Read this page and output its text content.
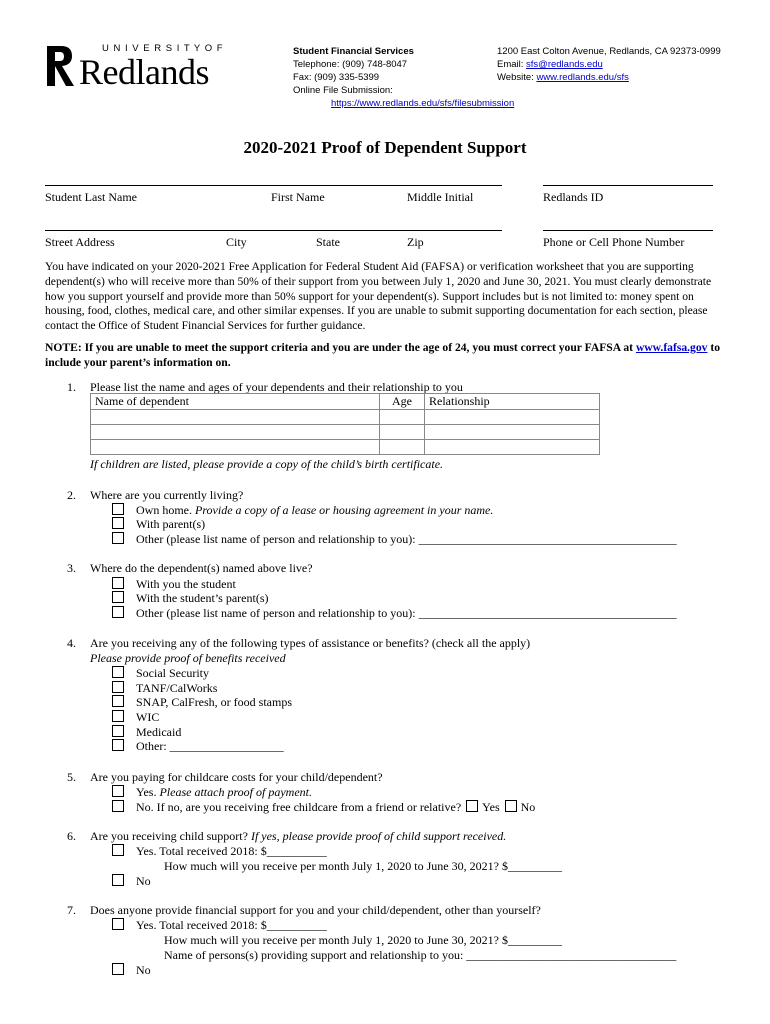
U N I V E R S I T Y O F
Redlands
Student Financial Services
Telephone: (909) 748-8047
Fax: (909) 335-5399
Online File Submission:
https://www.redlands.edu/sfs/filesubmission
1200 East Colton Avenue, Redlands, CA 92373-0999
Email: sfs@redlands.edu
Website: www.redlands.edu/sfs
2020-2021 Proof of Dependent Support
Student Last Name	First Name	Middle Initial	Redlands ID
Street Address	City	State	Zip	Phone or Cell Phone Number
You have indicated on your 2020-2021 Free Application for Federal Student Aid (FAFSA) or verification worksheet that you are supporting dependent(s) who will receive more than 50% of their support from you between July 1, 2020 and June 30, 2021. You must clearly demonstrate how you support yourself and provide more than 50% support for your dependent(s). Support includes but is not limited to: money spent on housing, food, clothes, medical care, and other similar expenses. If you are unable to submit supporting documentation for each section, please contact the Office of Student Financial Services for further guidance.
NOTE: If you are unable to meet the support criteria and you are under the age of 24, you must correct your FAFSA at www.fafsa.gov to include your parent’s information on.
1. Please list the name and ages of your dependents and their relationship to you
Name of dependent	Age	Relationship

If children are listed, please provide a copy of the child’s birth certificate.
2. Where are you currently living?
Own home. Provide a copy of a lease or housing agreement in your name.
With parent(s)
Other (please list name of person and relationship to you): ___________________________________________
3. Where do the dependent(s) named above live?
With you the student
With the student’s parent(s)
Other (please list name of person and relationship to you): ___________________________________________
4. Are you receiving any of the following types of assistance or benefits? (check all the apply)
Please provide proof of benefits received
Social Security
TANF/CalWorks
SNAP, CalFresh, or food stamps
WIC
Medicaid
Other: ___________________
5. Are you paying for childcare costs for your child/dependent?
Yes. Please attach proof of payment.
No. If no, are you receiving free childcare from a friend or relative? Yes No
6. Are you receiving child support? If yes, please provide proof of child support received.
Yes. Total received 2018: $__________
How much will you receive per month July 1, 2020 to June 30, 2021? $_________
No
7. Does anyone provide financial support for you and your child/dependent, other than yourself?
Yes. Total received 2018: $__________
How much will you receive per month July 1, 2020 to June 30, 2021? $_________
Name of persons(s) providing support and relationship to you: ___________________________________
No
